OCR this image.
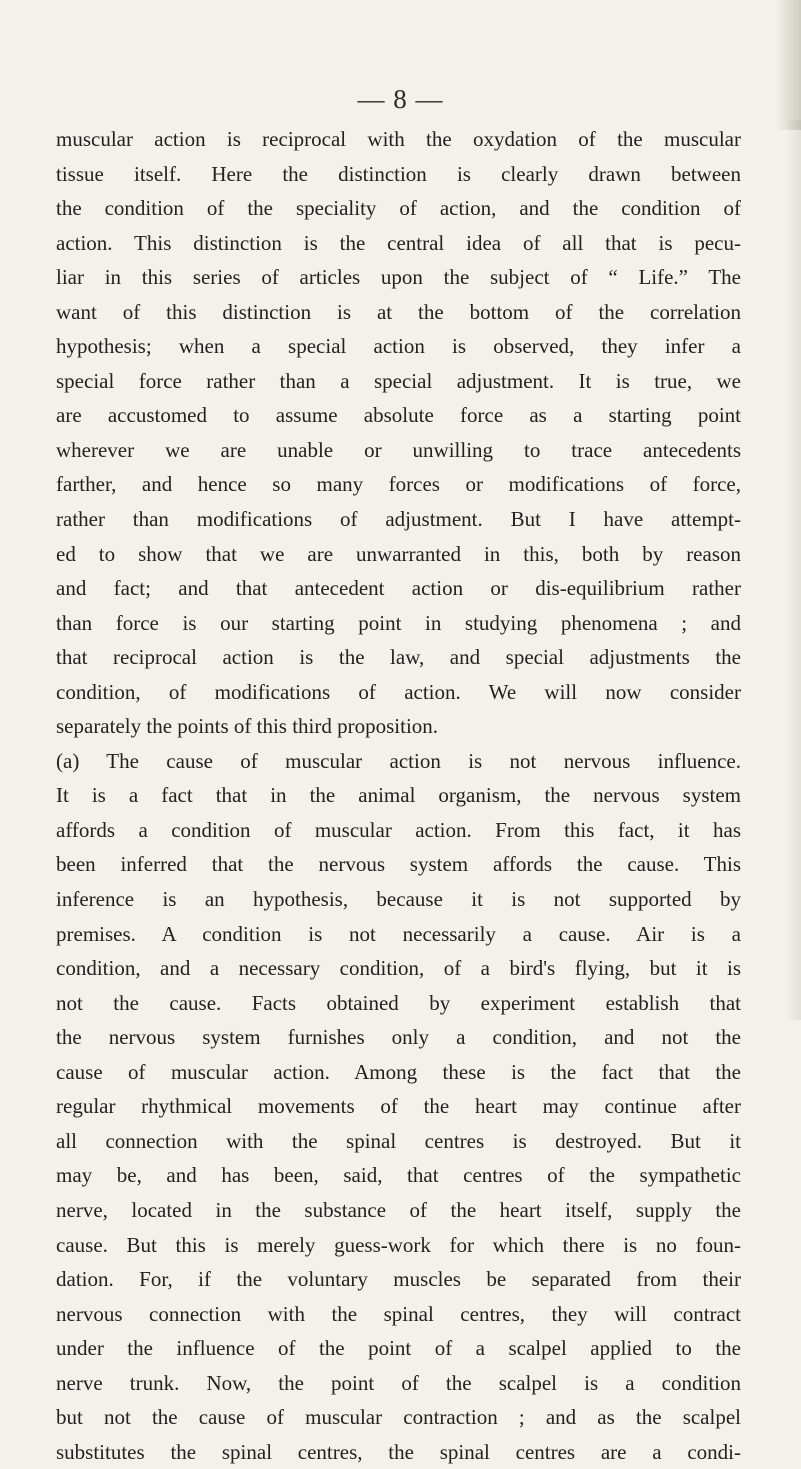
— 8 —
muscular action is reciprocal with the oxydation of the muscular
tissue itself. Here the distinction is clearly drawn between
the condition of the speciality of action, and the condition of
action. This distinction is the central idea of all that is pecu-
liar in this series of articles upon the subject of “ Life.” The
want of this distinction is at the bottom of the correlation
hypothesis; when a special action is observed, they infer a
special force rather than a special adjustment. It is true, we
are accustomed to assume absolute force as a starting point
wherever we are unable or unwilling to trace antecedents
farther, and hence so many forces or modifications of force,
rather than modifications of adjustment. But I have attempt-
ed to show that we are unwarranted in this, both by reason
and fact; and that antecedent action or dis-equilibrium rather
than force is our starting point in studying phenomena ; and
that reciprocal action is the law, and special adjustments the
condition, of modifications of action. We will now consider
separately the points of this third proposition.
(a) The cause of muscular action is not nervous influence.
It is a fact that in the animal organism, the nervous system
affords a condition of muscular action. From this fact, it has
been inferred that the nervous system affords the cause. This
inference is an hypothesis, because it is not supported by
premises. A condition is not necessarily a cause. Air is a
condition, and a necessary condition, of a bird's flying, but it is
not the cause. Facts obtained by experiment establish that
the nervous system furnishes only a condition, and not the
cause of muscular action. Among these is the fact that the
regular rhythmical movements of the heart may continue after
all connection with the spinal centres is destroyed. But it
may be, and has been, said, that centres of the sympathetic
nerve, located in the substance of the heart itself, supply the
cause. But this is merely guess-work for which there is no foun-
dation. For, if the voluntary muscles be separated from their
nervous connection with the spinal centres, they will contract
under the influence of the point of a scalpel applied to the
nerve trunk. Now, the point of the scalpel is a condition
but not the cause of muscular contraction ; and as the scalpel
substitutes the spinal centres, the spinal centres are a condi-
